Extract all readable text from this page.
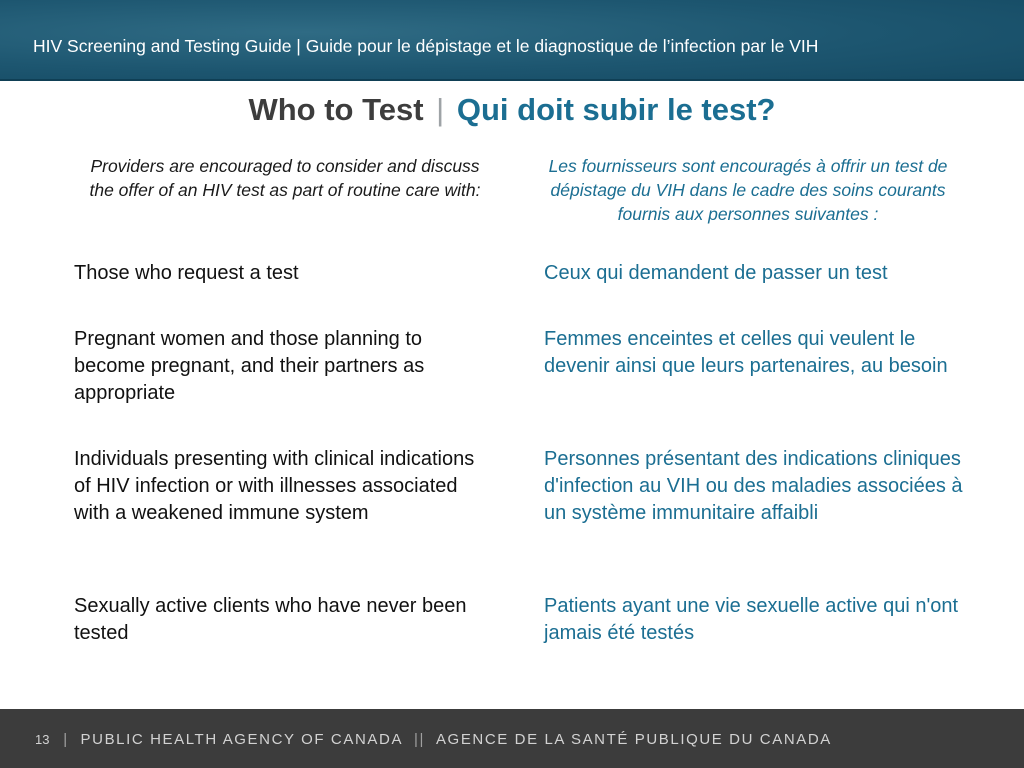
HIV Screening and Testing Guide | Guide pour le dépistage et le diagnostique de l’infection par le VIH
Who to Test | Qui doit subir le test?
Providers are encouraged to consider and discuss the offer of an HIV test as part of routine care with:
Les fournisseurs sont encouragés à offrir un test de dépistage du VIH dans le cadre des soins courants fournis aux personnes suivantes :
Those who request a test
Pregnant women and those planning to become pregnant, and their partners as appropriate
Individuals presenting with clinical indications of HIV infection or with illnesses associated with a weakened immune system
Sexually active clients who have never been tested
Ceux qui demandent de passer un test
Femmes enceintes et celles qui veulent le devenir ainsi que leurs partenaires, au besoin
Personnes présentant des indications cliniques d'infection au VIH ou des maladies associées à un système immunitaire affaibli
Patients ayant une vie sexuelle active qui n'ont jamais été testés
13 | PUBLIC HEALTH AGENCY OF CANADA || AGENCE DE LA SANTÉ PUBLIQUE DU CANADA
